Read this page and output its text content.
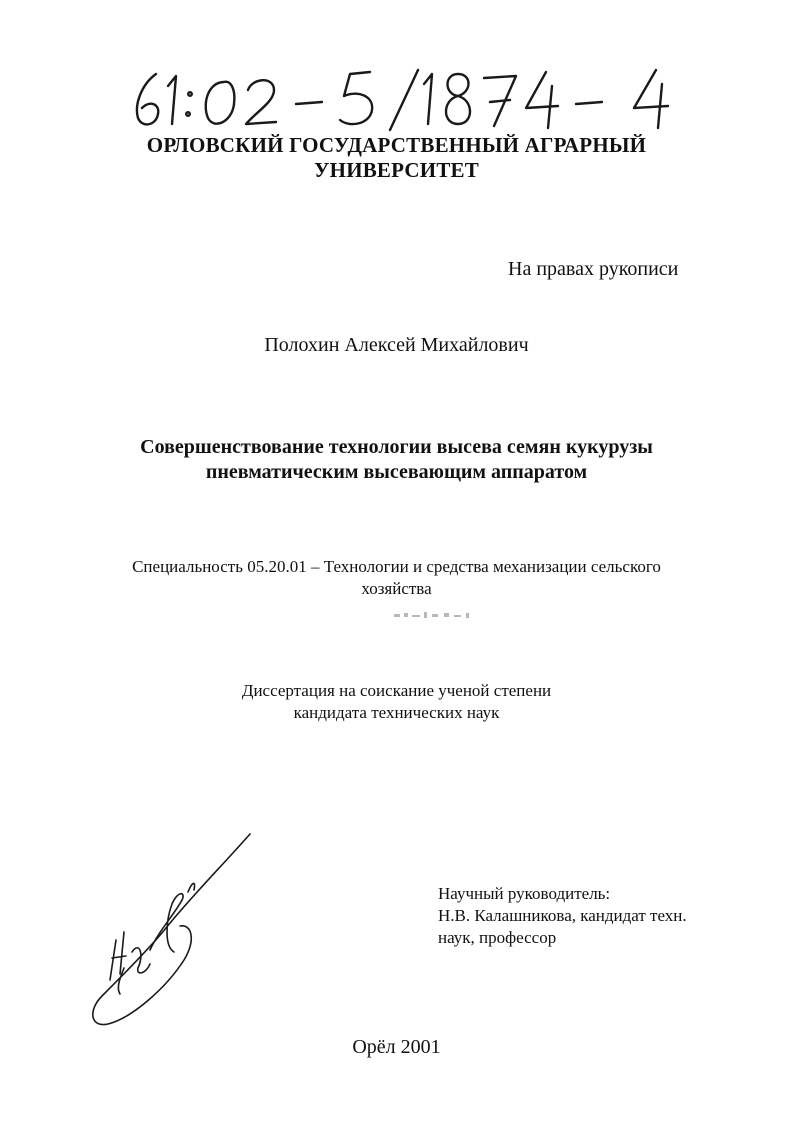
ОРЛОВСКИЙ ГОСУДАРСТВЕННЫЙ АГРАРНЫЙ
УНИВЕРСИТЕТ
На правах рукописи
Полохин Алексей Михайлович
Совершенствование технологии высева семян кукурузы
пневматическим высевающим аппаратом
Специальность 05.20.01 – Технологии и средства механизации сельского
хозяйства
Диссертация на соискание ученой степени
кандидата технических наук
Научный руководитель:
Н.В. Калашникова, кандидат техн.
наук, профессор
Орёл 2001
